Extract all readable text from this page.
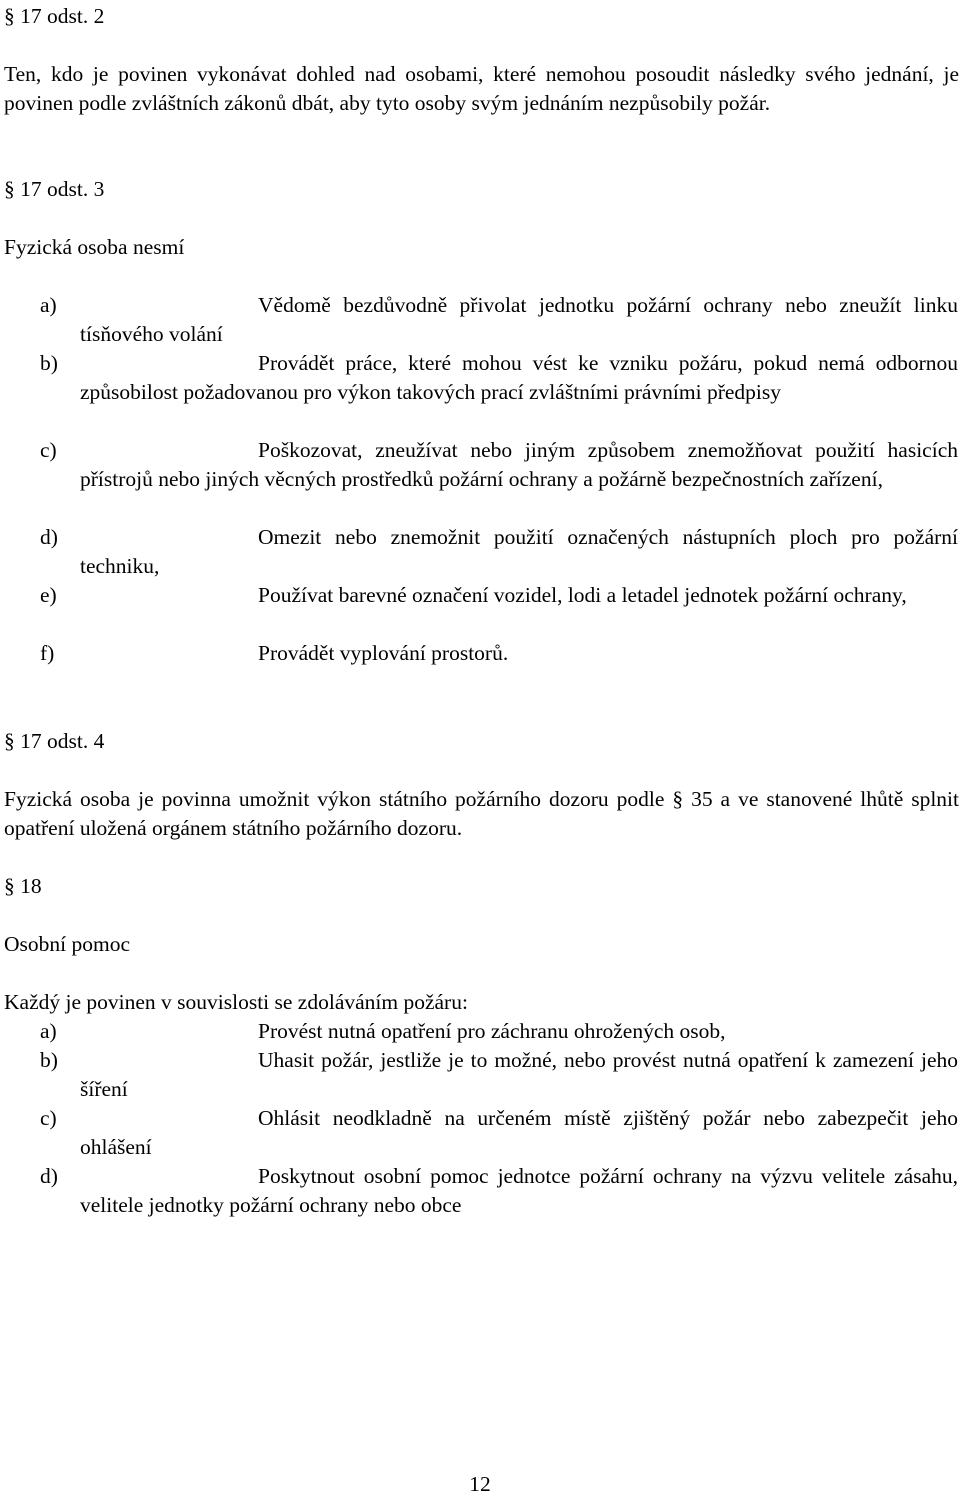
§ 17 odst. 2

Ten, kdo je povinen vykonávat dohled nad osobami, které nemohou posoudit následky svého jednání, je povinen podle zvláštních zákonů dbát, aby tyto osoby svým jednáním nezpůsobily požár.

§ 17 odst. 3
Fyzická osoba nesmí
a)	Vědomě bezdůvodně přivolat jednotku požární ochrany nebo zneužít linku tísňového volání
b)	Provádět práce, které mohou vést ke vzniku požáru, pokud nemá odbornou způsobilost požadovanou pro výkon takových prací zvláštními právními předpisy
c)	Poškozovat, zneužívat nebo jiným způsobem znemožňovat použití hasicích přístrojů nebo jiných věcných prostředků požární ochrany a požárně bezpečnostních zařízení,
d)	Omezit nebo znemožnit použití označených nástupních ploch pro požární techniku,
e)	Používat barevné označení vozidel, lodi a letadel jednotek požární ochrany,
f)	Provádět vyplování prostorů.
§ 17 odst. 4

Fyzická osoba je povinna umožnit výkon státního požárního dozoru podle § 35 a ve stanovené lhůtě splnit opatření uložená orgánem státního požárního dozoru.

§ 18
Osobní pomoc
Každý je povinen v souvislosti se zdoláváním požáru:
a)	Provést nutná opatření pro záchranu ohrožených osob,
b)	Uhasit požár, jestliže je to možné, nebo provést nutná opatření k zamezení jeho šíření
c)	Ohlásit neodkladně na určeném místě zjištěný požár nebo zabezpečit jeho ohlášení
d)	Poskytnout osobní pomoc jednotce požární ochrany na výzvu velitele zásahu, velitele jednotky požární ochrany nebo obce
12
